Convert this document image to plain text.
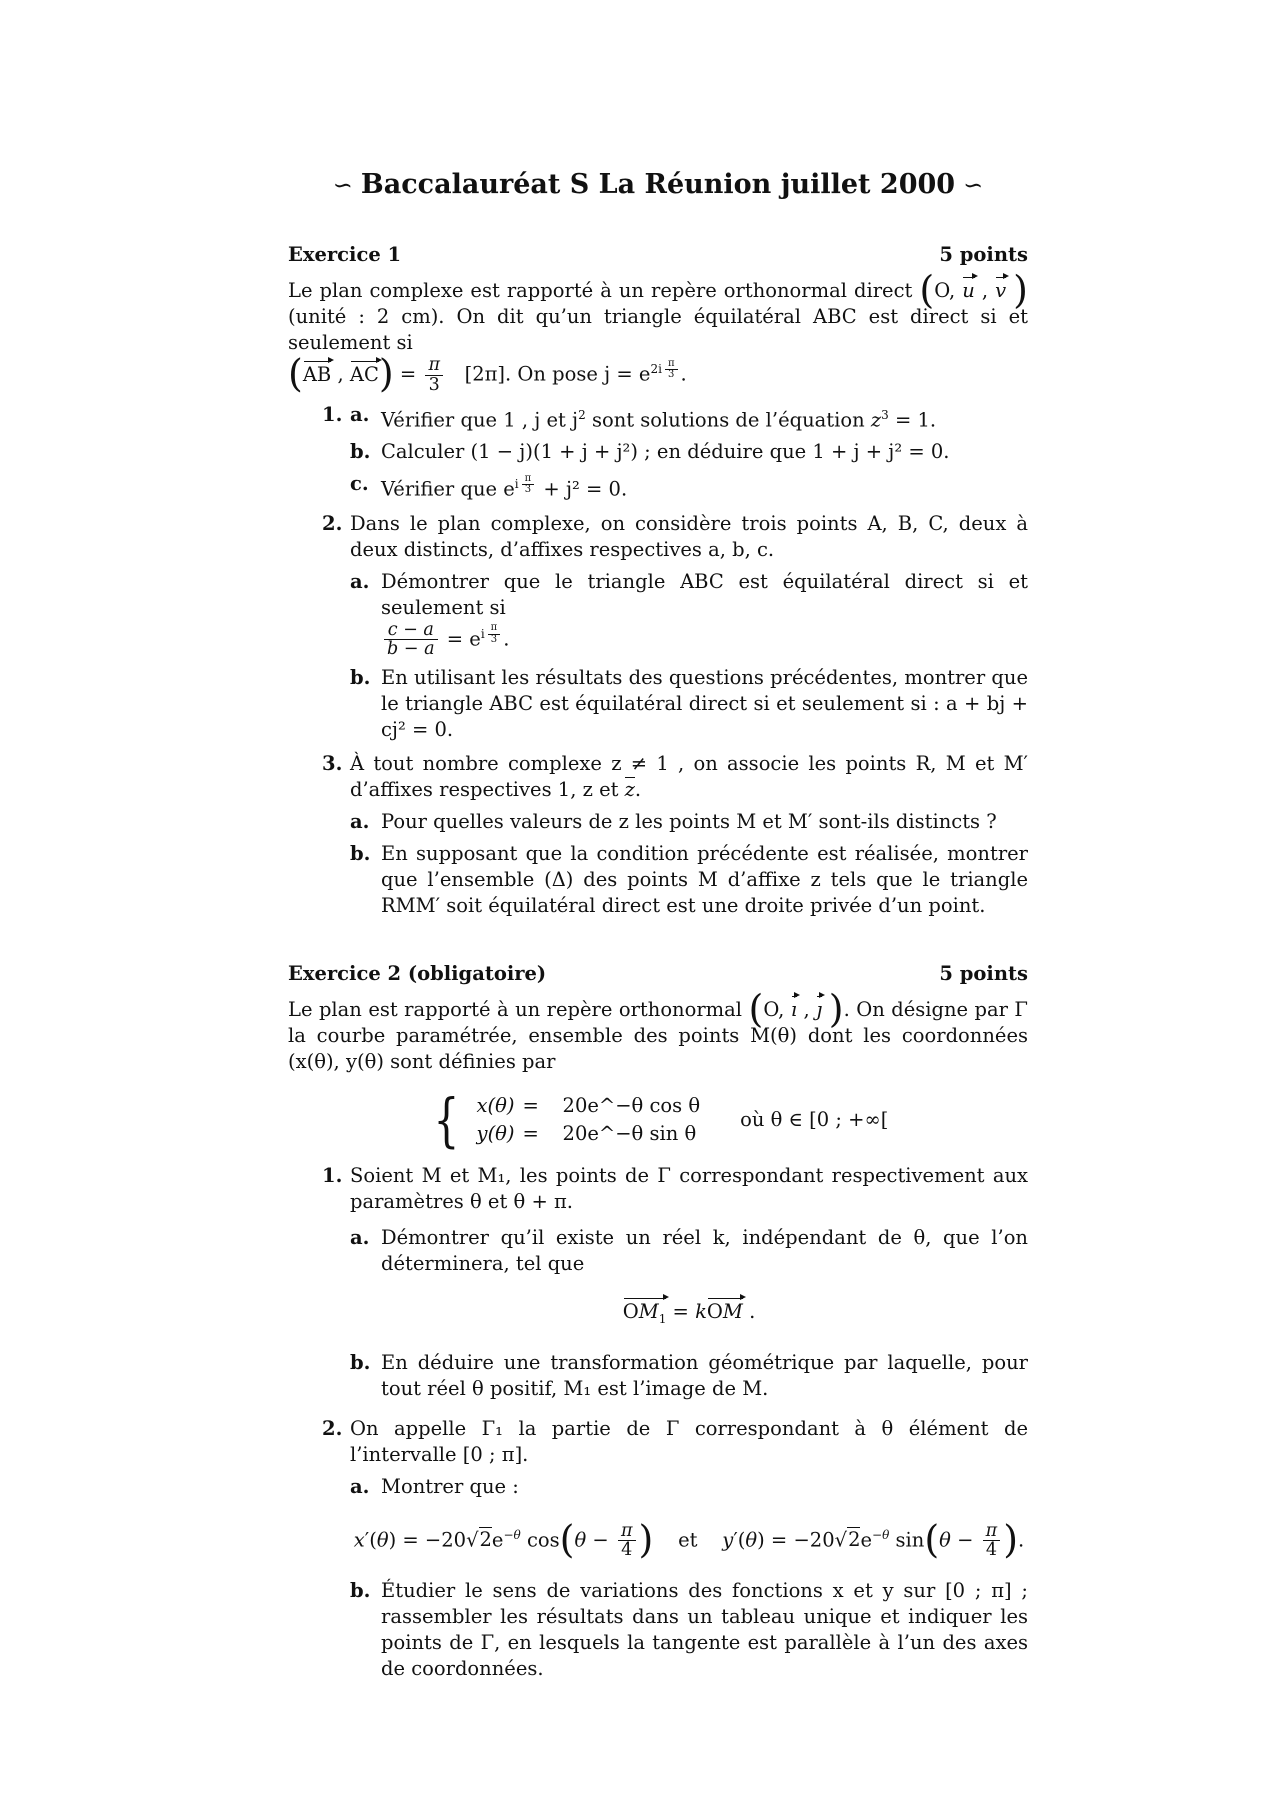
∽ Baccalauréat S La Réunion juillet 2000 ∽
Exercice 1	5 points

Le plan complexe est rapporté à un repère orthonormal direct (O, u , v )(unité : 2 cm). On dit qu’un triangle équilatéral ABC est direct si et seulement si
(AB , $AC) = \frac{\pi}{3} [2\pi]$. On pose $j = e^{2i \frac{\pi}{3}}$ .

1. a. Vérifier que 1 , j et $j^2$ sont solutions de l’équation $z^3 = 1$.
b. Calculer (1 − j)(1 + j + j²) ; en déduire que 1 + j + j² = 0.
c. Vérifier que $e^{i \frac{\pi}{3}} + j^2 = 0$.
2. Dans le plan complexe, on considère trois points A, B, C, deux à deux distincts, d’affixes respectives a, b, c.
a. Démontrer que le triangle ABC est équilatéral direct si et seulement si

$\frac{c - a}{b - a} = e^{i \frac{\pi}{3}}$ .
b. En utilisant les résultats des questions précédentes, montrer que le triangle ABC est équilatéral direct si et seulement si : a + bj + cj² = 0.
3. À tout nombre complexe z ≠ 1 , on associe les points R, M et M′ d’affixes respectives 1, z et z.
a. Pour quelles valeurs de z les points M et M′ sont-ils distincts ?
b. En supposant que la condition précédente est réalisée, montrer que l’ensemble (Δ) des points M d’affixe z tels que le triangle RMM′ soit équilatéral direct est une droite privée d’un point.
Exercice 2 (obligatoire)	5 points

Le plan est rapporté à un repère orthonormal (O, ı , ȷ ). On désigne par Γ la courbe paramétrée, ensemble des points M(θ) dont les coordonnées (x(θ), y(θ) sont définies par

{ x(θ) =	20e^−θ cos θ
y(θ) =	20e^−θ sin θ
où θ ∈ [0 ; +∞[
1. Soient M et M₁, les points de Γ correspondant respectivement aux paramètres θ et θ + π.
a. Démontrer qu’il existe un réel k, indépendant de θ, que l’on déterminera, tel que
$OM_1$ = kOM .
b. En déduire une transformation géométrique par laquelle, pour tout réel θ positif, M₁ est l’image de M.
2. On appelle Γ₁ la partie de Γ correspondant à θ élément de l’intervalle [0 ; π].
a. Montrer que :
$x'(\theta) = -20√2e^{-\theta}$ $\cos(\theta - \frac{\pi}{4}$ )    et    $y'(\theta) = -20√2e^{-\theta}$ $\sin(\theta - \frac{\pi}{4}$ ).
b. Étudier le sens de variations des fonctions x et y sur [0 ; π] ; rassembler les résultats dans un tableau unique et indiquer les points de Γ, en lesquels la tangente est parallèle à l’un des axes de coordonnées.
